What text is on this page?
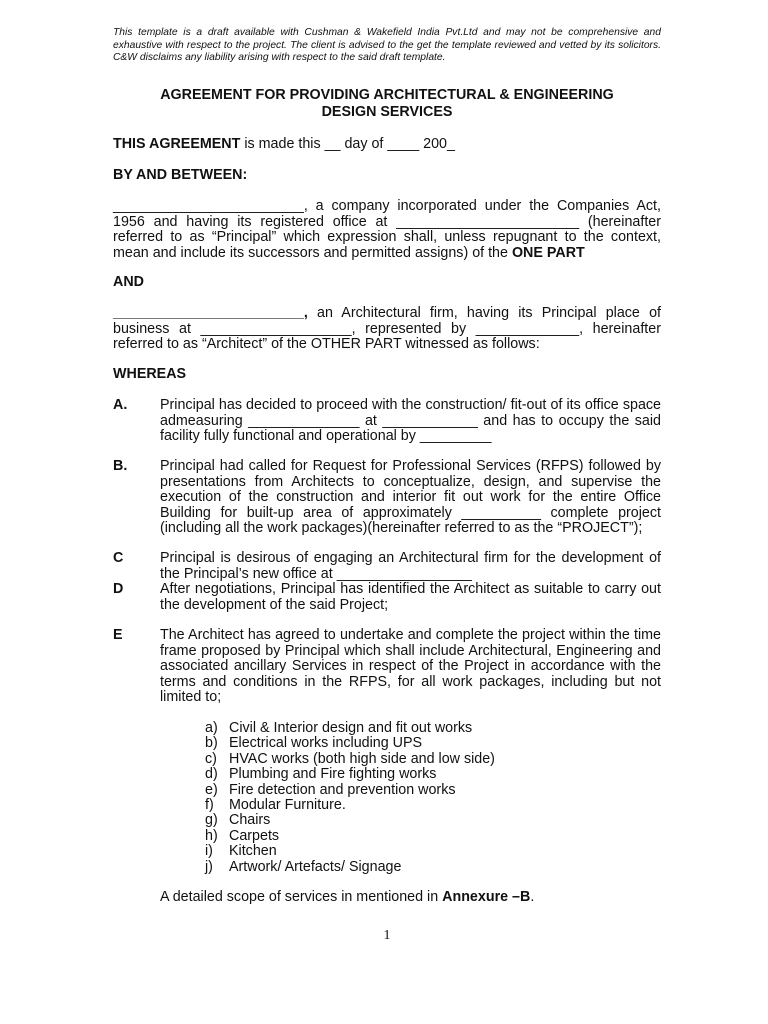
This template is a draft available with Cushman & Wakefield India Pvt.Ltd and may not be comprehensive and exhaustive with respect to the project. The client is advised to the get the template reviewed and vetted by its solicitors. C&W disclaims any liability arising with respect to the said draft template.
AGREEMENT FOR PROVIDING ARCHITECTURAL & ENGINEERING
DESIGN SERVICES
THIS AGREEMENT is made this __ day of ____ 200_
BY AND BETWEEN:
________________________, a company incorporated under the Companies Act, 1956 and having its registered office at _______________________ (hereinafter referred to as “Principal” which expression shall, unless repugnant to the context, mean and include its successors and permitted assigns) of the ONE PART
AND
________________________, an Architectural firm, having its Principal place of business at ___________________, represented by _____________, hereinafter referred to as “Architect” of the OTHER PART witnessed as follows:
WHEREAS
A. Principal has decided to proceed with the construction/ fit-out of its office space admeasuring ______________ at ____________ and has to occupy the said facility fully functional and operational by _________
B. Principal had called for Request for Professional Services (RFPS) followed by presentations from Architects to conceptualize, design, and supervise the execution of the construction and interior fit out work for the entire Office Building for built-up area of approximately __________ complete project (including all the work packages)(hereinafter referred to as the “PROJECT”);
C	Principal is desirous of engaging an Architectural firm for the development of the Principal’s new office at _________________
D	After negotiations, Principal has identified the Architect as suitable to carry out the development of the said Project;
E	The Architect has agreed to undertake and complete the project within the time frame proposed by Principal which shall include Architectural, Engineering and associated ancillary Services in respect of the Project in accordance with the terms and conditions in the RFPS, for all work packages, including but not limited to;
a) Civil & Interior design and fit out works
b) Electrical works including UPS
c) HVAC works (both high side and low side)
d) Plumbing and Fire fighting works
e) Fire detection and prevention works
f)	Modular Furniture.
g) Chairs
h) Carpets
i)	Kitchen
j)	Artwork/ Artefacts/ Signage
A detailed scope of services in mentioned in Annexure –B.
1
